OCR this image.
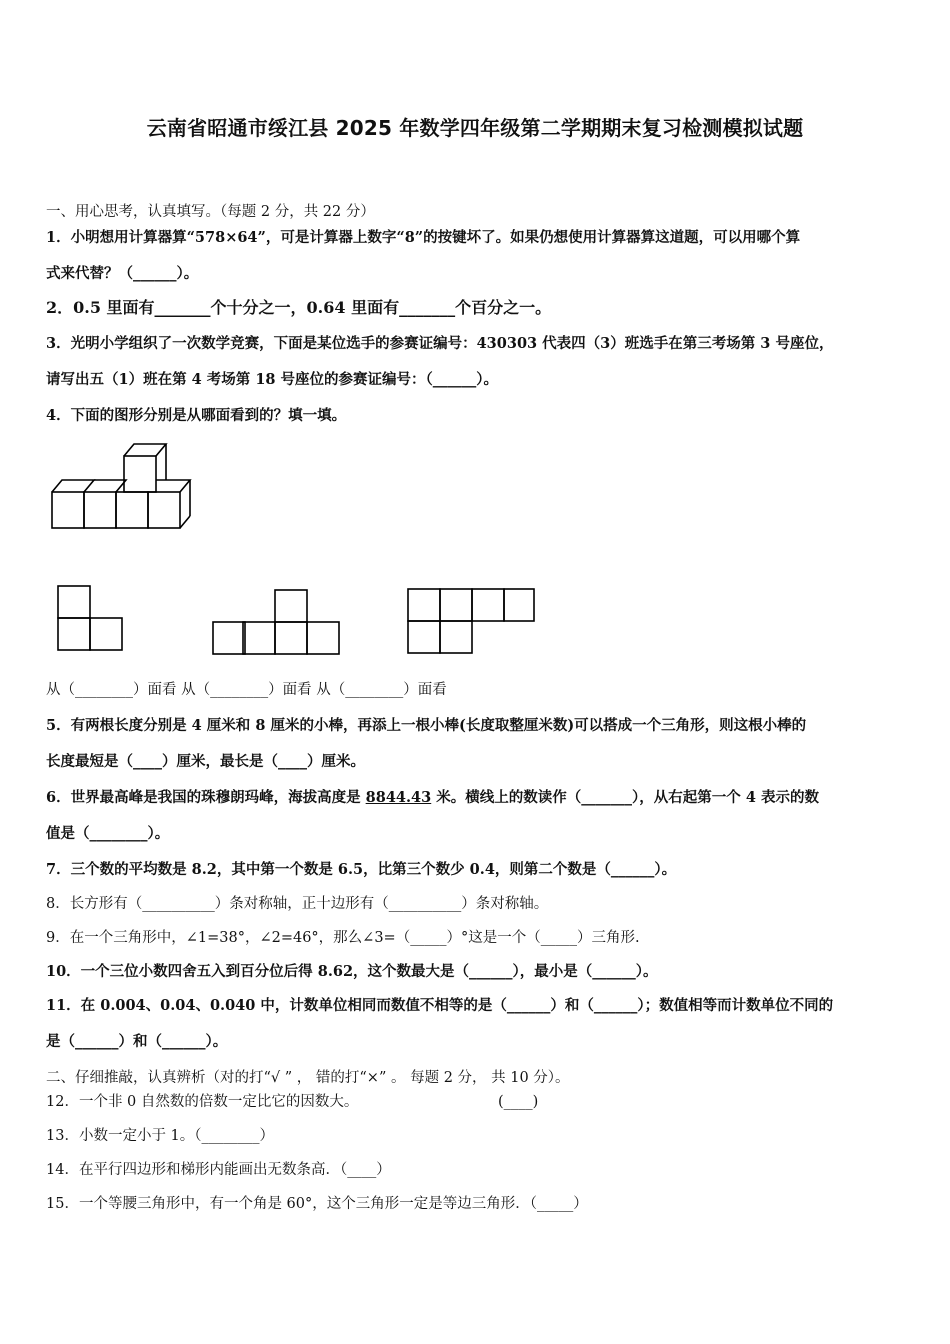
云南省昭通市绥江县 2025 年数学四年级第二学期期末复习检测模拟试题
一、用心思考，认真填写。（每题 2 分，共 22 分）
1．小明想用计算器算“578×64”，可是计算器上数字“8”的按键坏了。如果仍想使用计算器算这道题，可以用哪个算
式来代替？（______）。
2．0.5 里面有_______个十分之一，0.64 里面有_______个百分之一。
3．光明小学组织了一次数学竞赛，下面是某位选手的参赛证编号：430303 代表四（3）班选手在第三考场第 3 号座位，
请写出五（1）班在第 4 考场第 18 号座位的参赛证编号：（______）。
4．下面的图形分别是从哪面看到的？填一填。
从（________）面看 从（________）面看 从（________）面看
5．有两根长度分别是 4 厘米和 8 厘米的小棒，再添上一根小棒(长度取整厘米数)可以搭成一个三角形，则这根小棒的
长度最短是（____）厘米，最长是（____）厘米。
6．世界最高峰是我国的珠穆朗玛峰，海拔高度是 8844.43 米。横线上的数读作（_______），从右起第一个 4 表示的数
值是（________）。
7．三个数的平均数是 8.2，其中第一个数是 6.5，比第三个数少 0.4，则第二个数是（______）。
8．长方形有（__________）条对称轴，正十边形有（__________）条对称轴。
9．在一个三角形中，∠1=38°，∠2=46°，那么∠3=（_____）°这是一个（_____）三角形.
10．一个三位小数四舍五入到百分位后得 8.62，这个数最大是（______），最小是（______）。
11．在 0.004、0.04、0.040 中，计数单位相同而数值不相等的是（______）和（______）；数值相等而计数单位不同的
是（______）和（______）。
二、仔细推敲，认真辨析（对的打“√ ” ， 错的打“×” 。 每题 2 分， 共 10 分）。
12．一个非 0 自然数的倍数一定比它的因数大。	(____)
13．小数一定小于 1。（________）
14．在平行四边形和梯形内能画出无数条高．（____）
15．一个等腰三角形中，有一个角是 60°，这个三角形一定是等边三角形．（_____）
